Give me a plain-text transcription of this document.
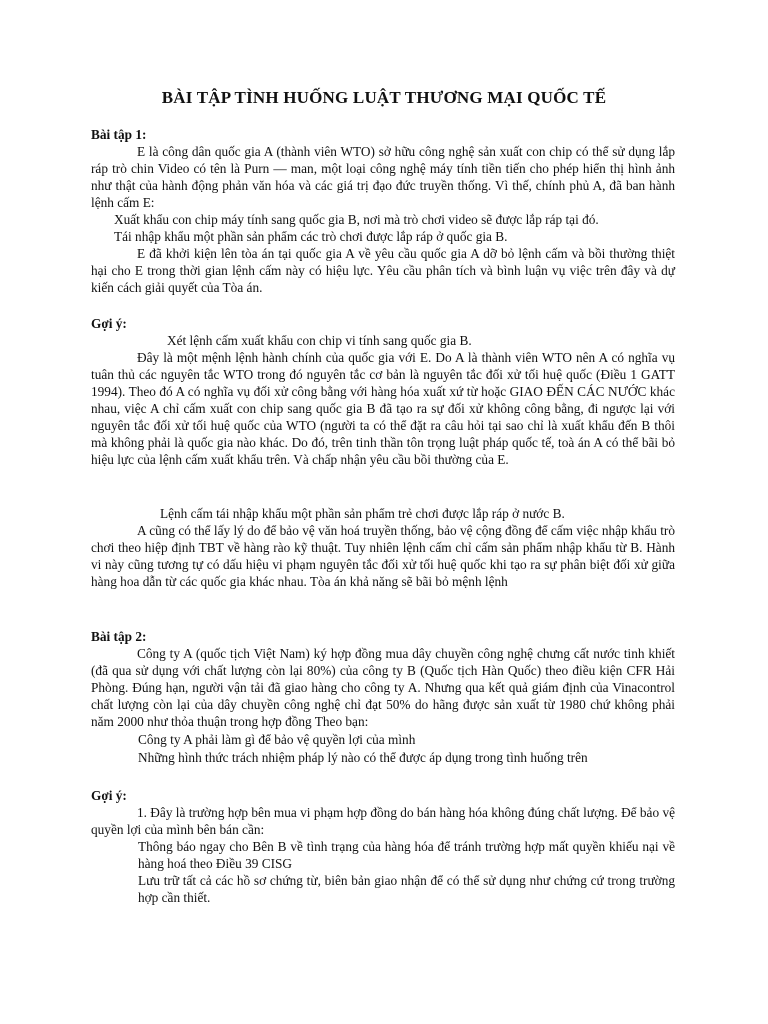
BÀI TẬP TÌNH HUỐNG LUẬT THƯƠNG MẠI QUỐC TẾ
Bài tập 1:
E là công dân quốc gia A (thành viên WTO) sở hữu công nghệ sản xuất con chip có thể sử dụng lắp ráp trò chin Video có tên là Purn — man, một loại công nghệ máy tính tiền tiến cho phép hiển thị hình ảnh như thật của hành động phản văn hóa và các giá trị đạo đức truyền thống. Vì thế, chính phủ A, đã ban hành lệnh cấm E:
Xuất khẩu con chip máy tính sang quốc gia B, nơi mà trò chơi video sẽ được lắp ráp tại đó.
Tái nhập khẩu một phần sản phẩm các trò chơi được lắp ráp ở quốc gia B.
E đã khởi kiện lên tòa án tại quốc gia A về yêu cầu quốc gia A dỡ bỏ lệnh cấm và bồi thường thiệt hại cho E trong thời gian lệnh cấm này có hiệu lực. Yêu cầu phân tích và bình luận vụ việc trên đây và dự kiến cách giải quyết của Tòa án.
Gợi ý:
Xét lệnh cấm xuất khẩu con chip vi tính sang quốc gia B.
Đây là một mệnh lệnh hành chính của quốc gia với E. Do A là thành viên WTO nên A có nghĩa vụ tuân thủ các nguyên tắc WTO trong đó nguyên tắc cơ bản là nguyên tắc đối xử tối huệ quốc (Điều 1 GATT 1994). Theo đó A có nghĩa vụ đối xử công bằng với hàng hóa xuất xứ từ hoặc GIAO ĐẾN CÁC NƯỚC khác nhau, việc A chỉ cấm xuất con chip sang quốc gia B đã tạo ra sự đối xử không công bằng, đi ngược lại với nguyên tắc đối xử tối huệ quốc của WTO (người ta có thể đặt ra câu hỏi tại sao chỉ là xuất khẩu đến B thôi mà không phải là quốc gia nào khác. Do đó, trên tinh thần tôn trọng luật pháp quốc tế, toà án A có thể bãi bỏ hiệu lực của lệnh cấm xuất khẩu trên. Và chấp nhận yêu cầu bồi thường của E.
Lệnh cấm tái nhập khẩu một phần sản phẩm trẻ chơi được lắp ráp ở nước B.
A cũng có thể lấy lý do để bảo vệ văn hoá truyền thống, bảo vệ cộng đồng để cấm việc nhập khẩu trò chơi theo hiệp định TBT về hàng rào kỹ thuật. Tuy nhiên lệnh cấm chỉ cấm sản phẩm nhập khẩu từ B. Hành vi này cũng tương tự có dấu hiệu vi phạm nguyên tắc đối xử tối huệ quốc khi tạo ra sự phân biệt đối xử giữa hàng hoa dẫn từ các quốc gia khác nhau. Tòa án khả năng sẽ bãi bỏ mệnh lệnh
Bài tập 2:
Công ty A (quốc tịch Việt Nam) ký hợp đồng mua dây chuyền công nghệ chưng cất nước tinh khiết (đã qua sử dụng với chất lượng còn lại 80%) của công ty B (Quốc tịch Hàn Quốc) theo điều kiện CFR Hải Phòng. Đúng hạn, người vận tải đã giao hàng cho công ty A. Nhưng qua kết quả giám định của Vinacontrol chất lượng còn lại của dây chuyền công nghệ chỉ đạt 50% do hãng được sản xuất từ 1980 chứ không phải năm 2000 như thỏa thuận trong hợp đồng Theo bạn:
Công ty A phải làm gì để bảo vệ quyền lợi của mình
Những hình thức trách nhiệm pháp lý nào có thể được áp dụng trong tình huống trên
Gợi ý:
1. Đây là trường hợp bên mua vi phạm hợp đồng do bán hàng hóa không đúng chất lượng. Để bảo vệ quyền lợi của mình bên bán cần:
Thông báo ngay cho Bên B về tình trạng của hàng hóa để tránh trường hợp mất quyền khiếu nại về hàng hoá theo Điều 39 CISG
Lưu trữ tất cả các hồ sơ chứng từ, biên bản giao nhận để có thể sử dụng như chứng cứ trong trường hợp cần thiết.
